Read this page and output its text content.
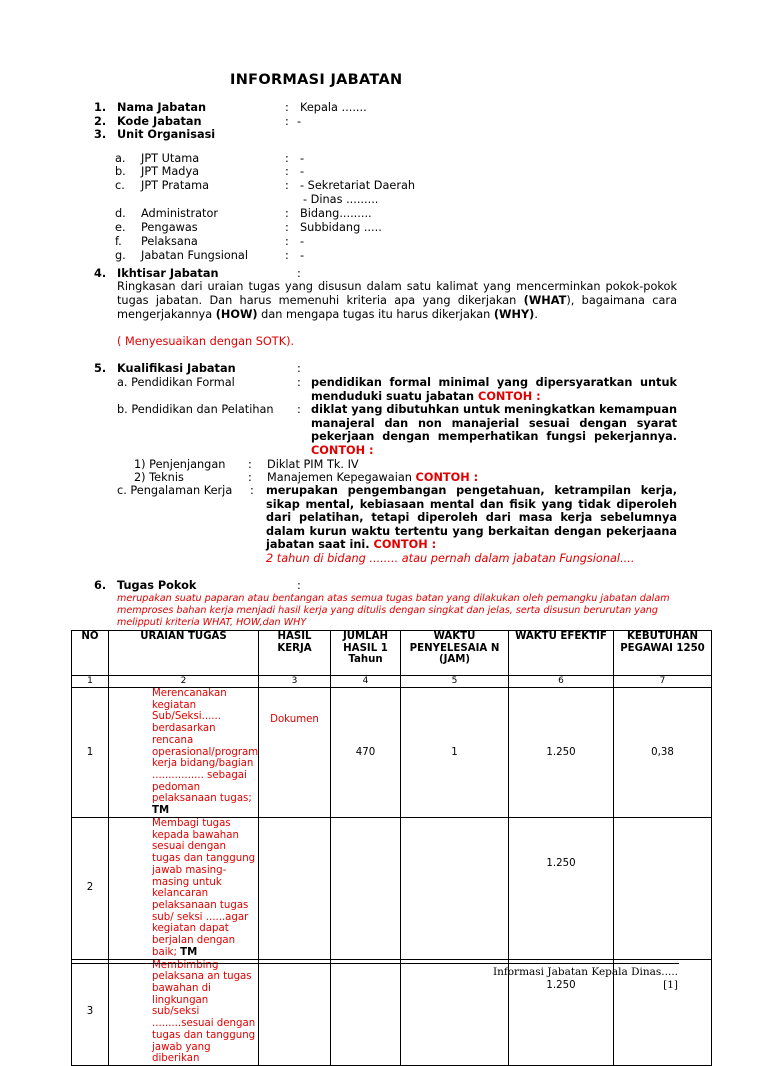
INFORMASI JABATAN
1. Nama Jabatan	: Kepala .......
2. Kode Jabatan	: -
3. Unit Organisasi
a. JPT Utama	: -
b. JPT Madya	: -
c. JPT Pratama	: - Sekretariat Daerah
- Dinas .........
d. Administrator	: Bidang.........
e. Pengawas	: Subbidang .....
f. Pelaksana	: -
g. Jabatan Fungsional	: -
4. Ikhtisar Jabatan	:
Ringkasan dari uraian tugas yang disusun dalam satu kalimat yang mencerminkan pokok-pokok tugas jabatan. Dan harus memenuhi kriteria apa yang dikerjakan (WHAT), bagaimana cara mengerjakannya (HOW) dan mengapa tugas itu harus dikerjakan (WHY).
( Menyesuaikan dengan SOTK).
5. Kualifikasi Jabatan	:
a. Pendidikan Formal	: pendidikan formal minimal yang dipersyaratkan untuk menduduki suatu jabatan CONTOH :
b. Pendidikan dan Pelatihan : diklat yang dibutuhkan untuk meningkatkan kemampuan manajeral dan non manajerial sesuai dengan syarat pekerjaan dengan memperhatikan fungsi pekerjannya. CONTOH :
1) Penjenjangan : Diklat PIM Tk. IV
2) Teknis	: Manajemen Kepegawaian CONTOH :
c. Pengalaman Kerja : merupakan pengembangan pengetahuan, ketrampilan kerja, sikap mental, kebiasaan mental dan fisik yang tidak diperoleh dari pelatihan, tetapi diperoleh dari masa kerja sebelumnya dalam kurun waktu tertentu yang berkaitan dengan pekerjaana jabatan saat ini. CONTOH :
2 tahun di bidang ........ atau pernah dalam jabatan Fungsional....
6. Tugas Pokok	:
merupakan suatu paparan atau bentangan atas semua tugas batan yang dilakukan oleh pemangku jabatan dalam memproses bahan kerja menjadi hasil kerja yang ditulis dengan singkat dan jelas, serta disusun berurutan yang melipputi kriteria WHAT, HOW,dan WHY
NO	URAIAN TUGAS	HASIL KERJA	JUMLAH HASIL 1 Tahun	WAKTU PENYELESAIA N (JAM)	WAKTU EFEKTIF	KEBUTUHAN PEGAWAI 1250
1	2	3	4	5	6	7
1	Merencanakan kegiatan Sub/Seksi...... berdasarkan rencana operasional/program kerja bidang/bagian ................ sebagai pedoman pelaksanaan tugas; TM	Dokumen	470	1	1.250	0,38
2	Membagi tugas kepada bawahan sesuai dengan tugas dan tanggung jawab masing-masing untuk kelancaran pelaksanaan tugas sub/ seksi ......agar kegiatan dapat berjalan dengan baik; TM				1.250	
3	Membimbing pelaksana an tugas bawahan di lingkungan sub/seksi .........sesuai dengan tugas dan tanggung jawab yang diberikan				1.250	
Informasi Jabatan Kepala Dinas.....
[1]
